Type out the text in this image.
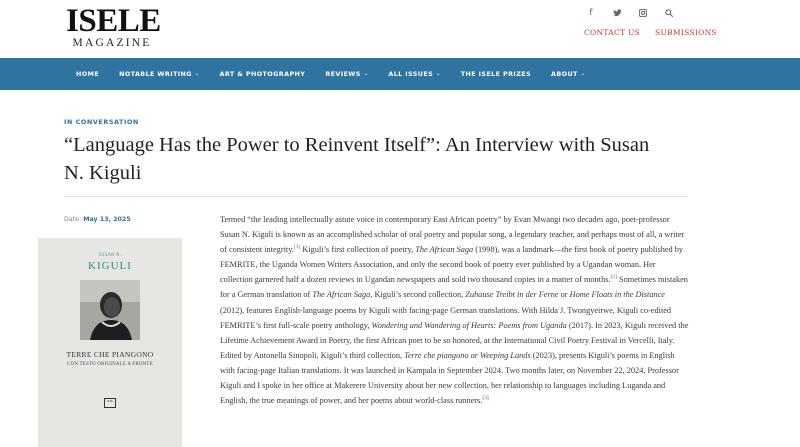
ISELE
MAGAZINE
f
CONTACT US SUBMISSIONS
HOME	NOTABLE WRITING ⌄	ART & PHOTOGRAPHY	REVIEWS ⌄	ALL ISSUES ⌄	THE ISELE PRIZES	ABOUT ⌄
IN CONVERSATION
“Language Has the Power to Reinvent Itself”: An Interview with Susan N. Kiguli
Date: May 13, 2025
SUSAN N.
KIGULI
TERRE CHE PIANGONO
CON TESTO ORIGINALE A FRONTE
GTC
Termed “the leading intellectually astute voice in contemporary East African poetry” by Evan Mwangi two decades ago, poet-professor Susan N. Kiguli is known as an accomplished scholar of oral poetry and popular song, a legendary teacher, and perhaps most of all, a writer of consistent integrity.[1] Kiguli’s first collection of poetry, The African Saga (1998), was a landmark—the first book of poetry published by FEMRITE, the Uganda Women Writers Association, and only the second book of poetry ever published by a Ugandan woman. Her collection garnered half a dozen reviews in Ugandan newspapers and sold two thousand copies in a matter of months.[2] Sometimes mistaken for a German translation of The African Saga, Kiguli’s second collection, Zuhause Treibt in der Ferne or Home Floats in the Distance (2012), features English-language poems by Kiguli with facing-page German translations. With Hilda J. Twongyeirwe, Kiguli co-edited FEMRITE’s first full-scale poetry anthology, Wondering and Wandering of Hearts: Poems from Uganda (2017). In 2023, Kiguli received the Lifetime Achievement Award in Poetry, the first African poet to be so honored, at the International Civil Poetry Festival in Vercelli, Italy. Edited by Antonella Sinopoli, Kiguli’s third collection, Terre che piangono or Weeping Lands (2023), presents Kiguli’s poems in English with facing-page Italian translations. It was launched in Kampala in September 2024. Two months later, on November 22, 2024, Professor Kiguli and I spoke in her office at Makerere University about her new collection, her relationship to languages including Luganda and English, the true meanings of power, and her poems about world-class runners.[3]
